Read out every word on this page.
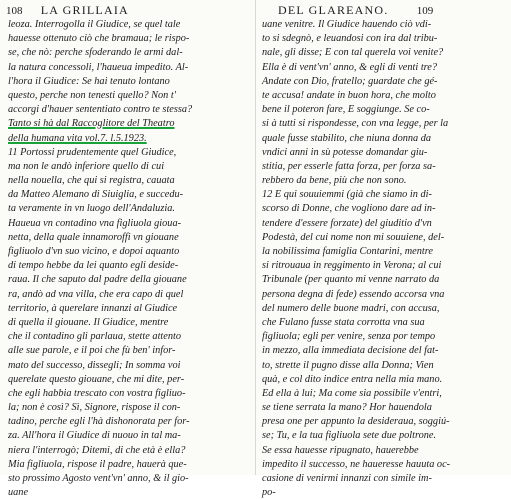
108 LA GRILLAIA	DEL GLAREANO.	109
leoza. Interrogolla il Giudice, se quel tale
hauesse ottenuto ciò che bramaua; le rispo-
se, che nò: perche sfoderando le armi dal-
la natura concessoli, l'haueua impedito. Al-
l'hora il Giudice: Se hai tenuto lontano
questo, perche non tenesti quello? Non t'
accorgi d'hauer sententiato contro te stessa?
Tanto si hà dal Raccoglitore del Theatro
della humana vita vol.7. l.5.1923.
11 Portossi prudentemente quel Giudice,
ma non le andò inferiore quello di cui
nella nouella, che qui si registra, cauata
da Matteo Alemano di Siuiglia, e succedu-
ta veramente in vn luogo dell'Andaluzia.
Haueua vn contadino vna figliuola gioua-
netta, della quale innamoroffi vn giouane
figliuolo d'vn suo vicino, e dopoi aquanto
di tempo hebbe da lei quanto egli deside-
raua. Il che saputo dal padre della giouane
ra, andò ad vna villa, che era capo di quel
territorio, à querelare innanzi al Giudice
di quella il giouane. Il Giudice, mentre
che il contadino gli parlaua, stette attento
alle sue parole, e il poi che fù ben' infor-
mato del successo, dissegli; In somma voi
querelate questo giouane, che mi dite, per-
che egli habbia trescato con vostra figliuo-
la; non è così? Sì, Signore, rispose il con-
tadino, perche egli l'hà dishonorata per for-
za. All'hora il Giudice di nuouo in tal ma-
niera l'interrogò; Ditemi, di che età è ella?
Mia figliuola, rispose il padre, hauerà que-
sto prossimo Agosto vent'vn' anno, & il gio-
uane
uane venitre. Il Giudice hauendo ciò vdi-
to si sdegnò, e leuandosi con ira dal tribu-
nale, gli disse; E con tal querela voi venite?
Ella è di vent'vn' anno, & egli di venti tre?
Andate con Dio, fratello; guardate che gé-
te accusa! andate in buon hora, che molto
bene il poteron fare, E soggiunge. Se co-
si à tutti si rispondesse, con vna legge, per la
quale fusse stabilito, che niuna donna da
vndici anni in sù potesse domandar giu-
stitia, per esserle fatta forza, per forza sa-
rebbero da bene, più che non sono.
12 E qui souuiemmi (già che siamo in di-
scorso di Donne, che vogliono dare ad in-
tendere d'essere forzate) del giuditio d'vn
Podestà, del cui nome non mi souuiene, del-
la nobilissima famiglia Contarini, mentre
si ritrouaua in reggimento in Verona; al cui
Tribunale (per quanto mi venne narrato da
persona degna di fede) essendo accorsa vna
del numero delle buone madri, con accusa,
che Fulano fusse stata corrotta vna sua
figliuola; egli per venire, senza por tempo
in mezzo, alla immediata decisione del fat-
to, strette il pugno disse alla Donna; Vien
quà, e col dito indice entra nella mia mano.
Ed ella à lui; Ma come sia possibile v'entri,
se tiene serrata la mano? Hor hauendola
presa one per appunto la desideraua, soggiú-
se; Tu, e la tua figliuola sete due poltrone.
Se essa hauesse ripugnato, hauerebbe
impedito il successo, ne haueresse hauuta oc-
casione di venirmi innanzi con simile im-
po-
